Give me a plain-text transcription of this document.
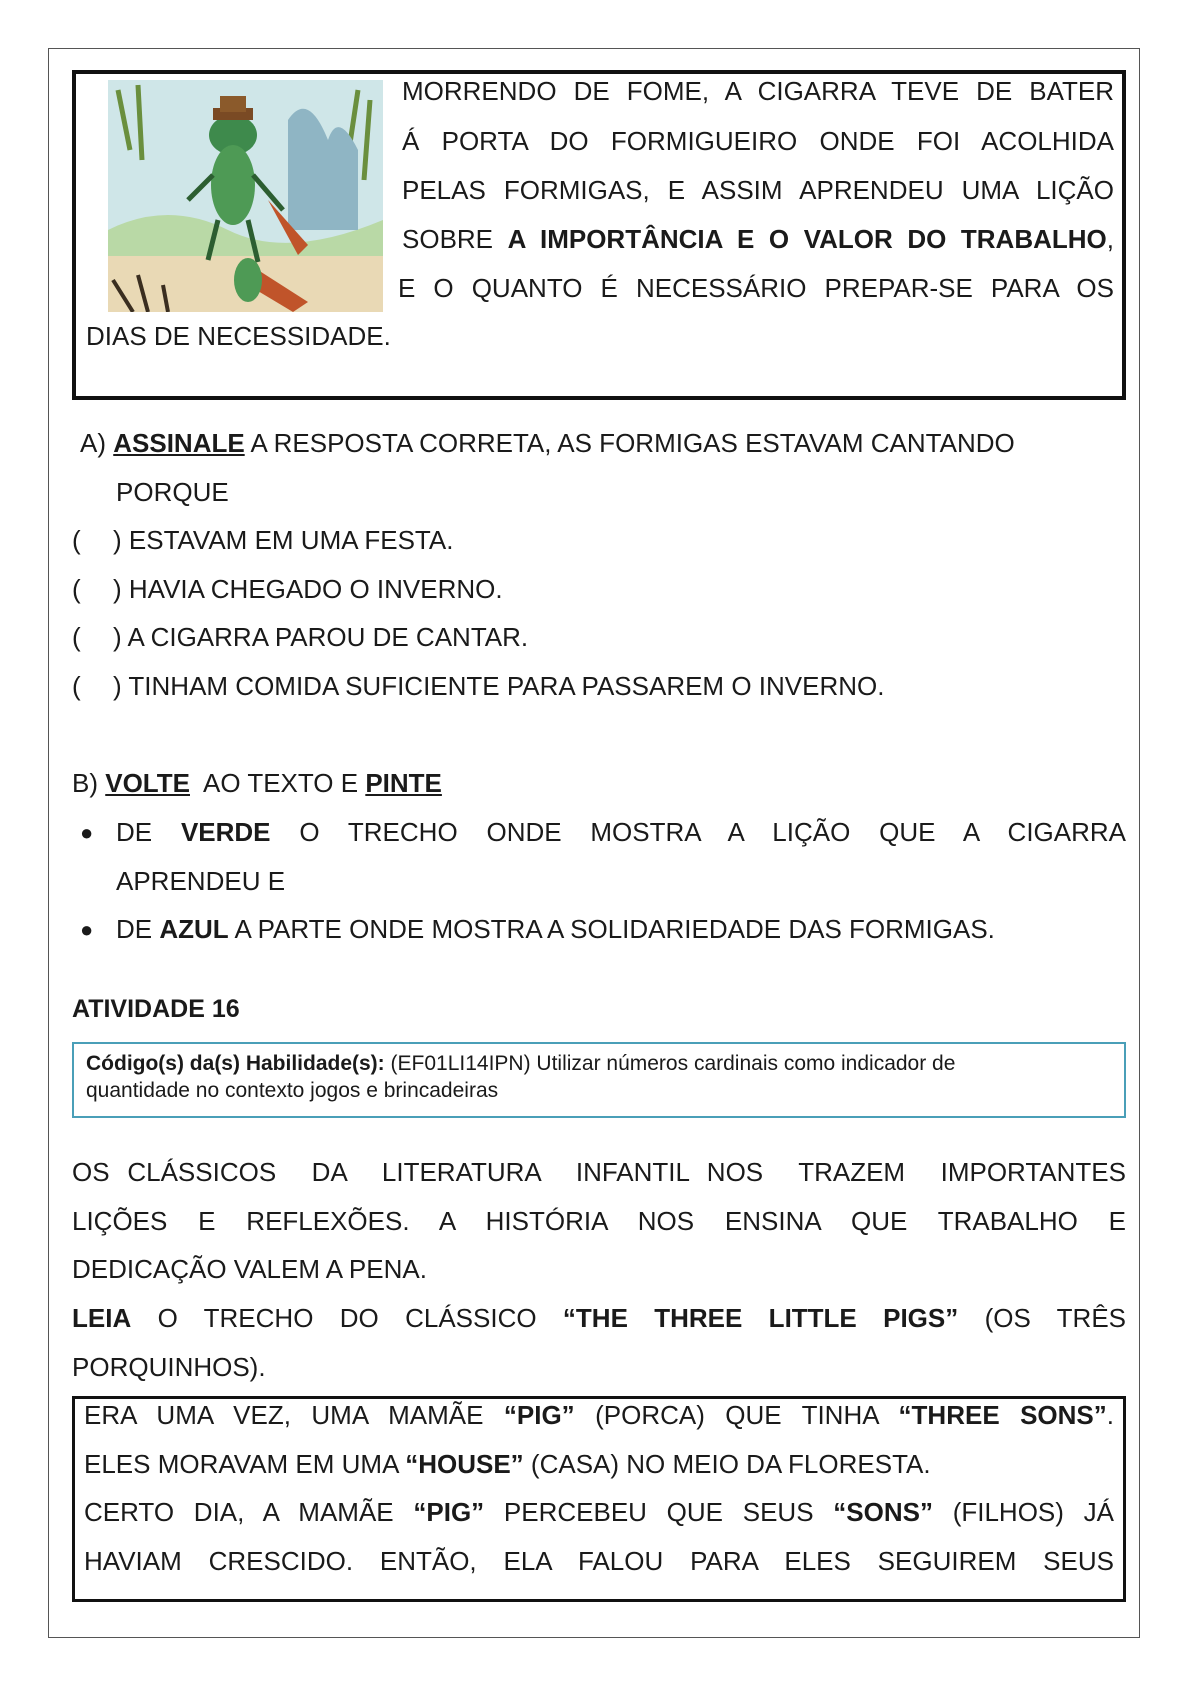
MORRENDO DE FOME, A CIGARRA TEVE DE BATER
Á PORTA DO FORMIGUEIRO ONDE FOI ACOLHIDA
PELAS FORMIGAS, E ASSIM APRENDEU UMA LIÇÃO
SOBRE A IMPORTÂNCIA E O VALOR DO TRABALHO,
E O QUANTO É NECESSÁRIO PREPAR-SE PARA OS
DIAS DE NECESSIDADE.
A) ASSINALE A RESPOSTA CORRETA, AS FORMIGAS ESTAVAM CANTANDO
PORQUE
( ) ESTAVAM EM UMA FESTA.
( ) HAVIA CHEGADO O INVERNO.
( ) A CIGARRA PAROU DE CANTAR.
( ) TINHAM COMIDA SUFICIENTE PARA PASSAREM O INVERNO.
B) VOLTE  AO TEXTO E PINTE
● DE VERDE O TRECHO ONDE MOSTRA A LIÇÃO QUE A CIGARRA
APRENDEU E
● DE AZUL A PARTE ONDE MOSTRA A SOLIDARIEDADE DAS FORMIGAS.
ATIVIDADE 16
Código(s) da(s) Habilidade(s): (EF01LI14IPN) Utilizar números cardinais como indicador de
quantidade no contexto jogos e brincadeiras
OS CLÁSSICOS  DA  LITERATURA  INFANTIL NOS  TRAZEM  IMPORTANTES
LIÇÕES  E  REFLEXÕES.  A  HISTÓRIA  NOS  ENSINA  QUE  TRABALHO  E
DEDICAÇÃO VALEM A PENA.
LEIA O TRECHO DO CLÁSSICO “THE THREE LITTLE PIGS” (OS TRÊS
PORQUINHOS).
ERA UMA VEZ, UMA MAMÃE “PIG” (PORCA) QUE TINHA “THREE SONS”.
ELES MORAVAM EM UMA “HOUSE” (CASA) NO MEIO DA FLORESTA.
CERTO DIA, A MAMÃE “PIG” PERCEBEU QUE SEUS “SONS” (FILHOS) JÁ
HAVIAM CRESCIDO. ENTÃO, ELA FALOU PARA ELES SEGUIREM SEUS
